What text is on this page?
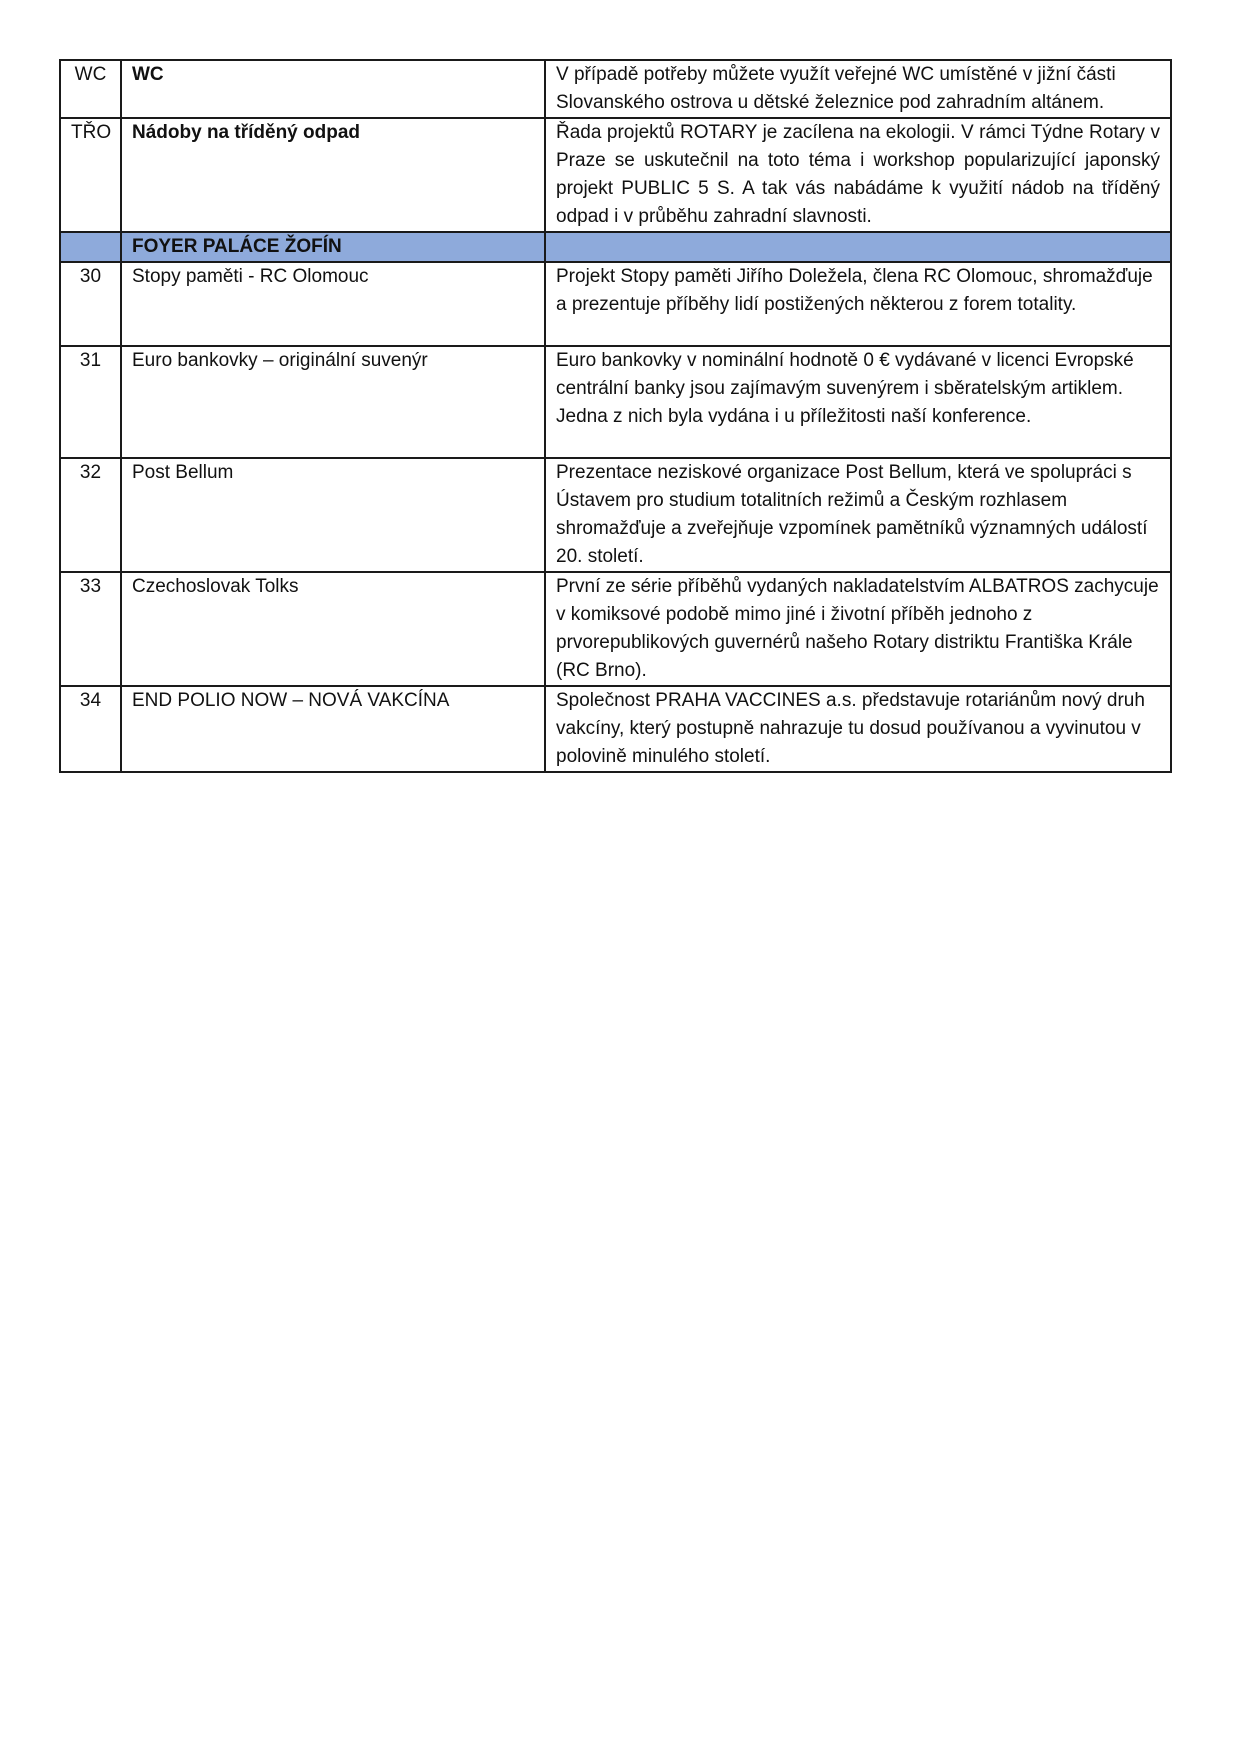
WC	WC	V případě potřeby můžete využít veřejné WC umístěné v jižní části Slovanského ostrova u dětské železnice pod zahradním altánem.
TŘO	Nádoby na tříděný odpad	Řada projektů ROTARY je zacílena na ekologii. V rámci Týdne Rotary v Praze se uskutečnil na toto téma i workshop popularizující japonský projekt PUBLIC 5 S. A tak vás nabádáme k využití nádob na tříděný odpad i v průběhu zahradní slavnosti.
	FOYER PALÁCE ŽOFÍN	
30	Stopy paměti - RC Olomouc	Projekt Stopy paměti Jiřího Doležela, člena RC Olomouc, shromažďuje a prezentuje příběhy lidí postižených některou z forem totality.
31	Euro bankovky – originální suvenýr	Euro bankovky v nominální hodnotě 0 € vydávané v licenci Evropské centrální banky jsou zajímavým suvenýrem i sběratelským artiklem. Jedna z nich byla vydána i u příležitosti naší konference.
32	Post Bellum	Prezentace neziskové organizace Post Bellum, která ve spolupráci s Ústavem pro studium totalitních režimů a Českým rozhlasem shromažďuje a zveřejňuje vzpomínek pamětníků významných událostí 20. století.
33	Czechoslovak Tolks	První ze série příběhů vydaných nakladatelstvím ALBATROS zachycuje v komiksové podobě mimo jiné i životní příběh jednoho z prvorepublikových guvernérů našeho Rotary distriktu Františka Krále (RC Brno).
34	END POLIO NOW – NOVÁ VAKCÍNA	Společnost PRAHA VACCINES a.s. představuje rotariánům nový druh vakcíny, který postupně nahrazuje tu dosud používanou a vyvinutou v polovině minulého století.
